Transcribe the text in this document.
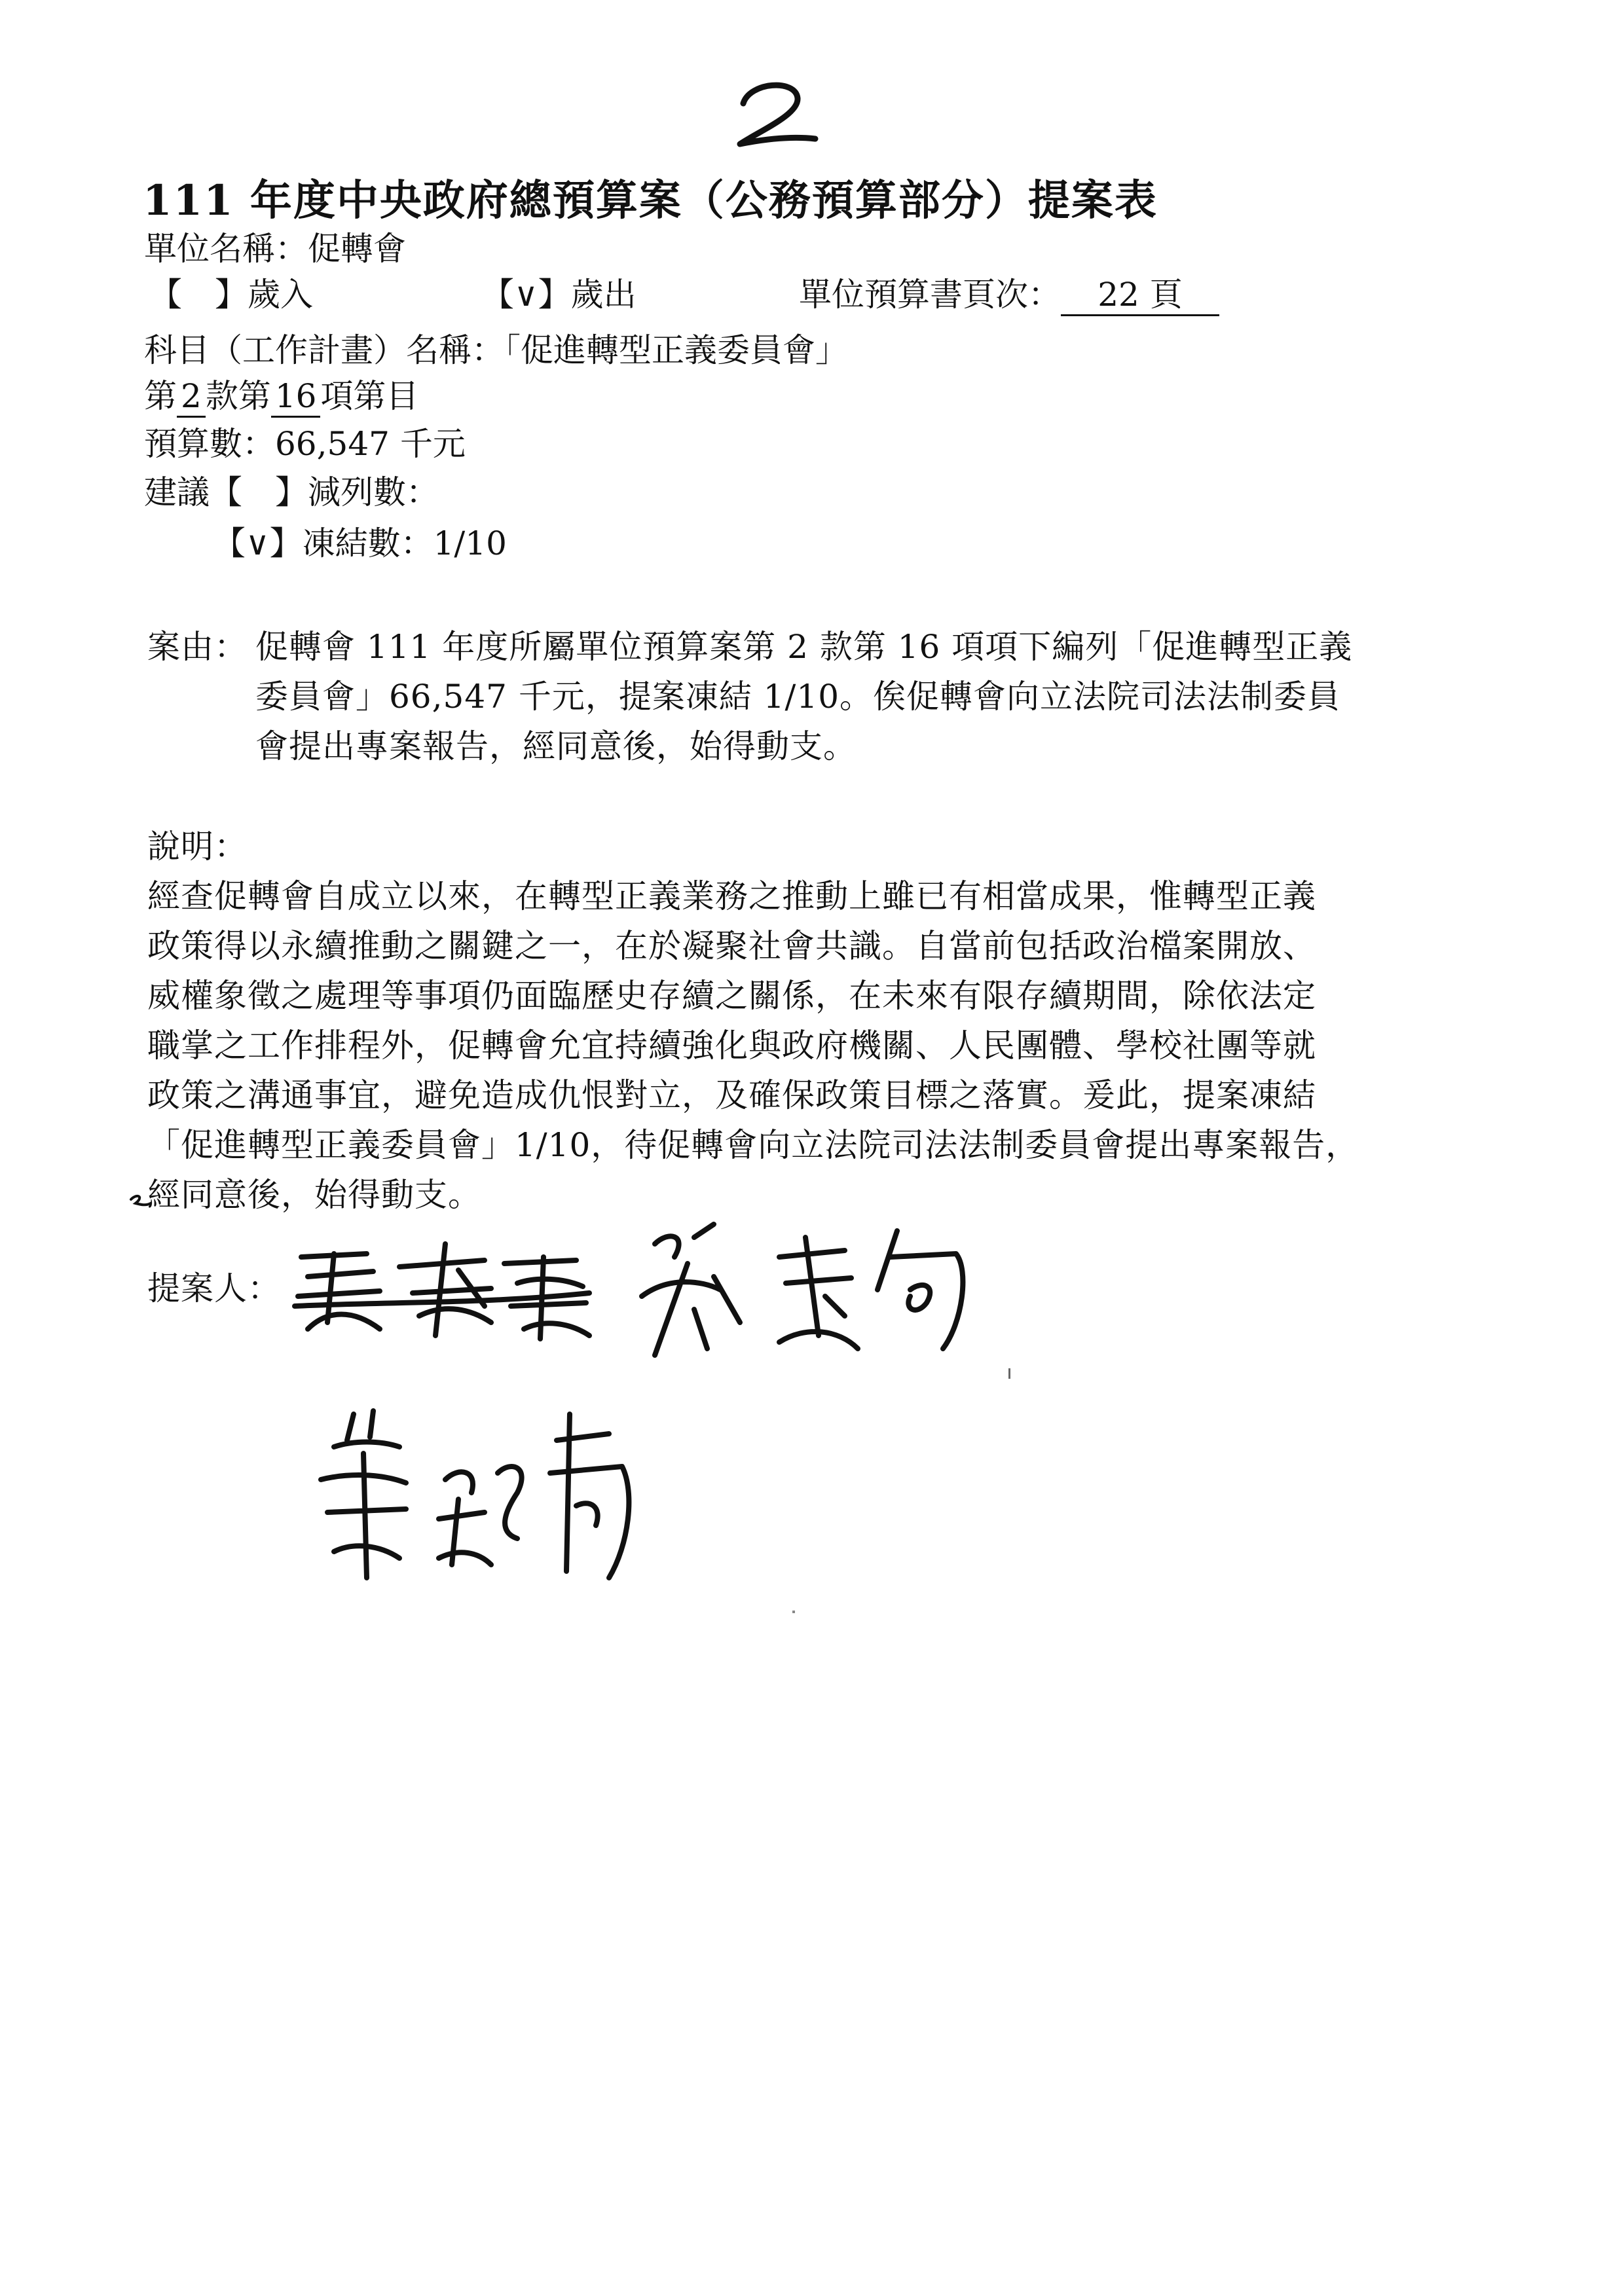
111 年度中央政府總預算案（公務預算部分）提案表
單位名稱：促轉會
【　】歲入	【∨】歲出	單位預算書頁次： 22 頁
科目（工作計畫）名稱：「促進轉型正義委員會」
第 2 款第 16 項第目
預算數：66,547 千元
建議【　】減列數：
【∨】凍結數：1/10
案由： 促轉會 111 年度所屬單位預算案第 2 款第 16 項項下編列「促進轉型正義
委員會」66,547 千元，提案凍結 1/10。俟促轉會向立法院司法法制委員
會提出專案報告，經同意後，始得動支。
說明：
經查促轉會自成立以來，在轉型正義業務之推動上雖已有相當成果，惟轉型正義
政策得以永續推動之關鍵之一，在於凝聚社會共識。自當前包括政治檔案開放、
威權象徵之處理等事項仍面臨歷史存續之關係，在未來有限存續期間，除依法定
職掌之工作排程外，促轉會允宜持續強化與政府機關、人民團體、學校社團等就
政策之溝通事宜，避免造成仇恨對立，及確保政策目標之落實。爰此，提案凍結
「促進轉型正義委員會」1/10，待促轉會向立法院司法法制委員會提出專案報告，
經同意後，始得動支。
提案人：
